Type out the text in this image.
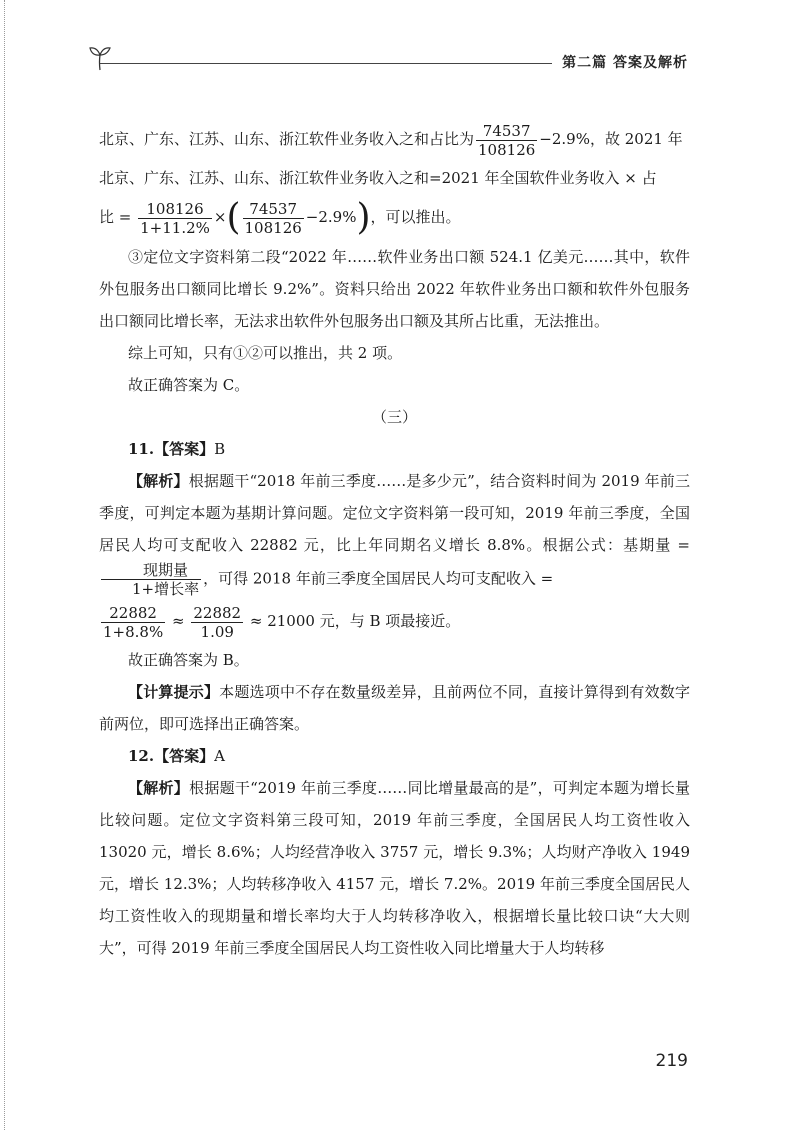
第二篇 答案及解析

北京、广东、江苏、山东、浙江软件业务收入之和占比为 $\frac{74537}{108126} -2.9\%$，故 2021 年

北京、广东、江苏、山东、浙江软件业务收入之和=2021 年全国软件业务收入 × 占

比 = $\frac{108126}{1+11.2\%}$ ×( $\frac{74537}{108126} -2.9\%$)，可以推出。

③定位文字资料第二段“2022 年……软件业务出口额 524.1 亿美元……其中，软件外包服务出口额同比增长 9.2%”。资料只给出 2022 年软件业务出口额和软件外包服务出口额同比增长率，无法求出软件外包服务出口额及其所占比重，无法推出。

综上可知，只有①②可以推出，共 2 项。

故正确答案为 C。

（三）

11.【答案】B

【解析】根据题干“2018 年前三季度……是多少元”，结合资料时间为 2019 年前三季度，可判定本题为基期计算问题。定位文字资料第一段可知，2019 年前三季度，全国居民人均可支配收入 22882 元，比上年同期名义增长 8.8%。根据公式：基期量 =
$\frac{\text{现期量}}{\text{1+增长率}}$ ，可得 2018 年前三季度全国居民人均可支配收入 =

$\frac{22882}{1+8.8\%} \approx \frac{22882}{1.09} \approx 21000$ 元，与 B 项最接近。

故正确答案为 B。

【计算提示】本题选项中不存在数量级差异，且前两位不同，直接计算得到有效数字前两位，即可选择出正确答案。

12.【答案】A

【解析】根据题干“2019 年前三季度……同比增量最高的是”，可判定本题为增长量比较问题。定位文字资料第三段可知，2019 年前三季度，全国居民人均工资性收入 13020 元，增长 8.6%；人均经营净收入 3757 元，增长 9.3%；人均财产净收入 1949 元，增长 12.3%；人均转移净收入 4157 元，增长 7.2%。2019 年前三季度全国居民人均工资性收入的现期量和增长率均大于人均转移净收入，根据增长量比较口诀“大大则大”，可得 2019 年前三季度全国居民人均工资性收入同比增量大于人均转移

219
